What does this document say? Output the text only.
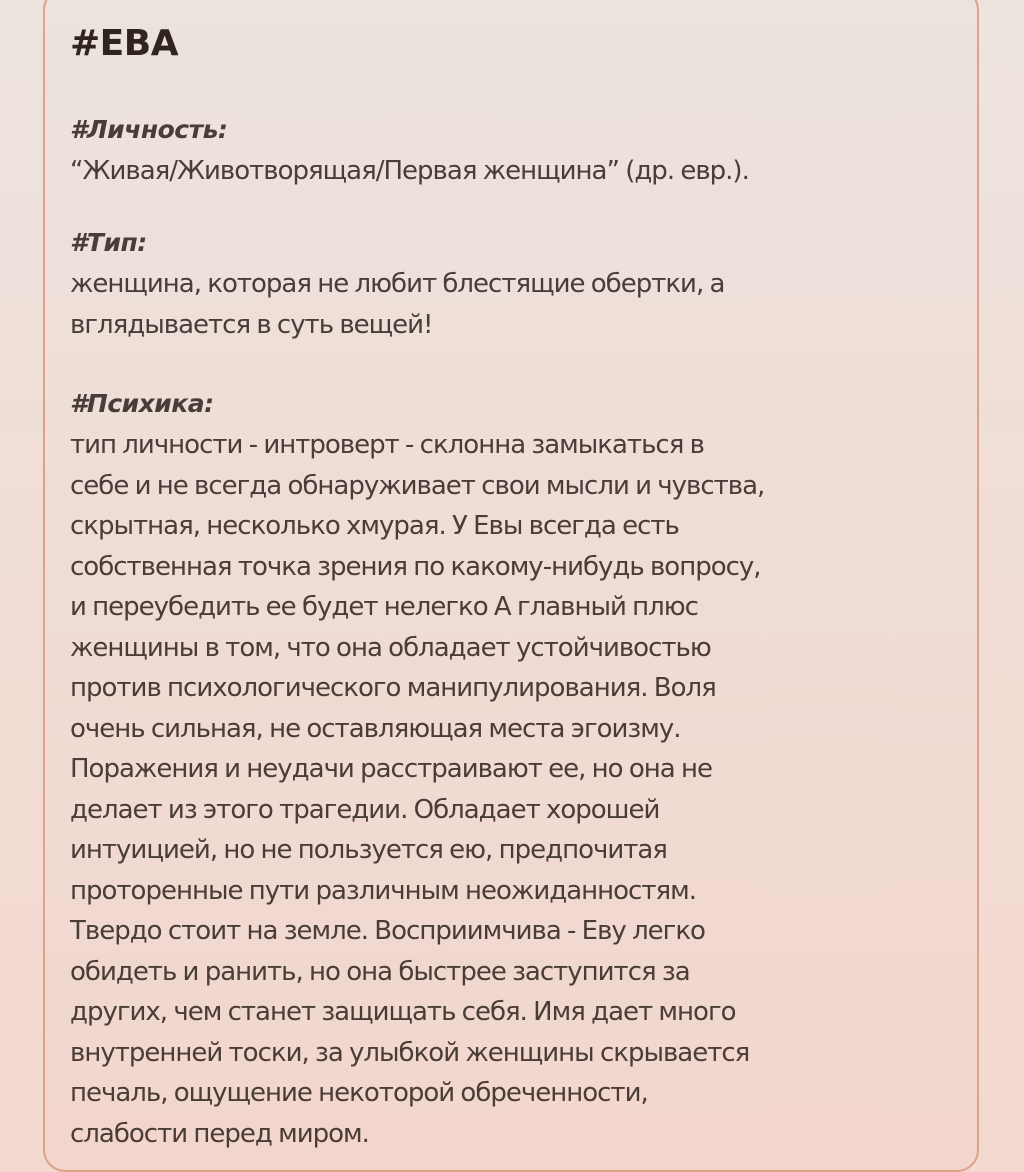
#ЕВА
#Личность:
“Живая/Животворящая/Первая женщина” (др. евр.).
#Тип:
женщина, которая не любит блестящие обертки, а
вглядывается в суть вещей!
#Психика:
тип личности - интроверт - склонна замыкаться в
себе и не всегда обнаруживает свои мысли и чувства,
скрытная, несколько хмурая. У Евы всегда есть
собственная точка зрения по какому-нибудь вопросу,
и переубедить ее будет нелегко А главный плюс
женщины в том, что она обладает устойчивостью
против психологического манипулирования. Воля
очень сильная, не оставляющая места эгоизму.
Поражения и неудачи расстраивают ее, но она не
делает из этого трагедии. Обладает хорошей
интуицией, но не пользуется ею, предпочитая
проторенные пути различным неожиданностям.
Твердо стоит на земле. Восприимчива - Еву легко
обидеть и ранить, но она быстрее заступится за
других, чем станет защищать себя. Имя дает много
внутренней тоски, за улыбкой женщины скрывается
печаль, ощущение некоторой обреченности,
слабости перед миром.
